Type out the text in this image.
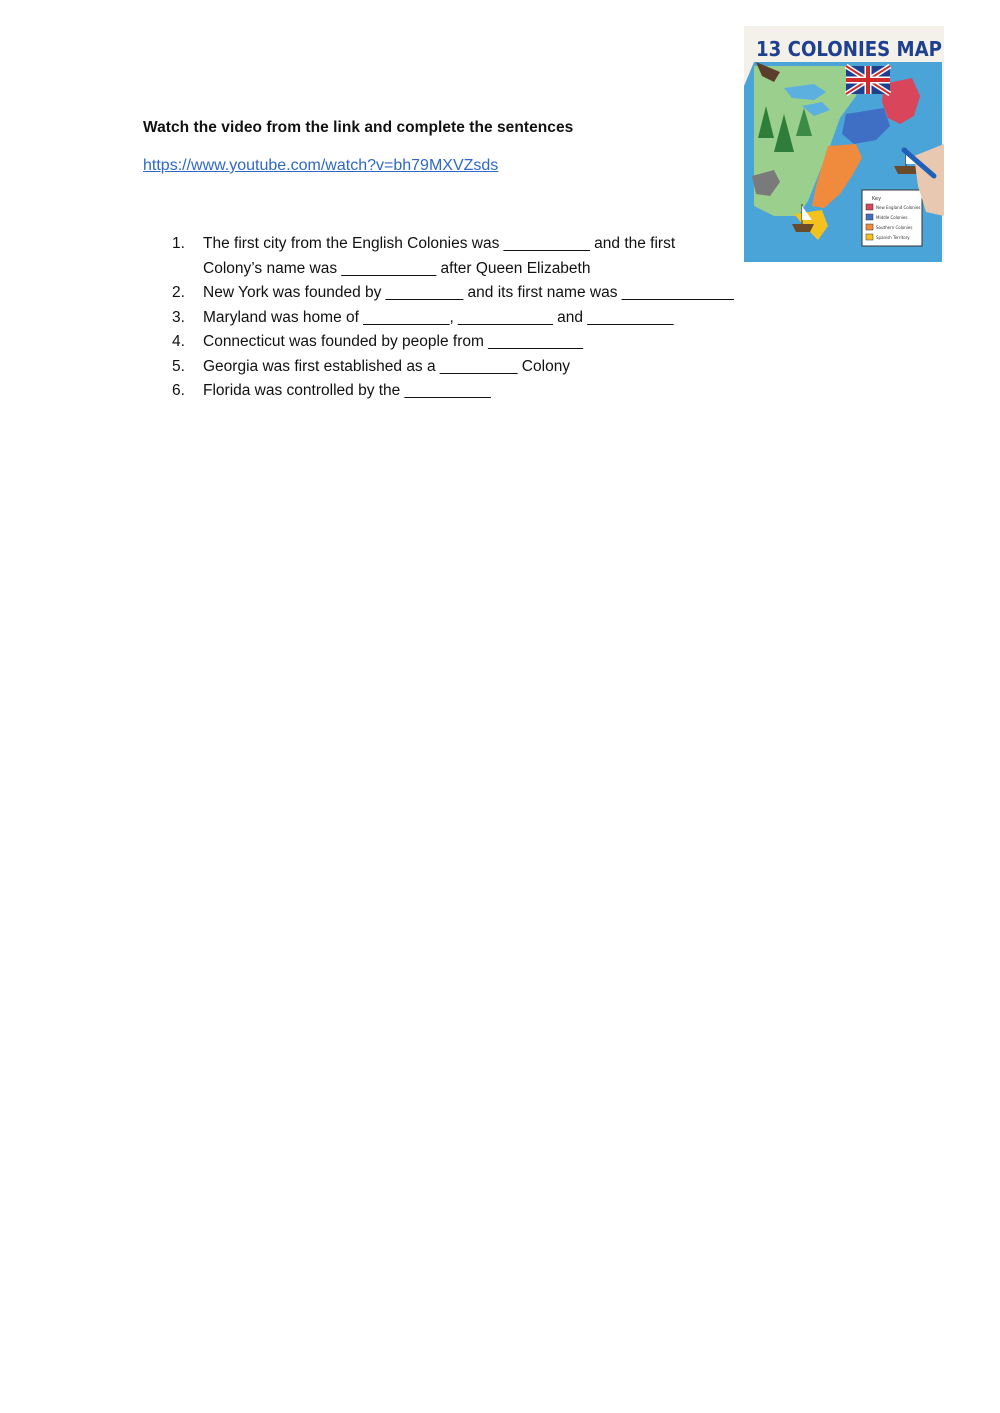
Watch the video from the link and complete the sentences
https://www.youtube.com/watch?v=bh79MXVZsds
1.	The first city from the English Colonies was __________ and the first
Colony’s name was ___________ after Queen Elizabeth
2.	New York was founded by _________ and its first name was _____________
3.	Maryland was home of __________, ___________ and __________
4.	Connecticut was founded by people from ___________
5.	Georgia was first established as a _________ Colony
6.	Florida was controlled by the __________
Key
New England Colonies
Middle Colonies
Southern Colonies
Spanish Territory
13 COLONIES MAP
